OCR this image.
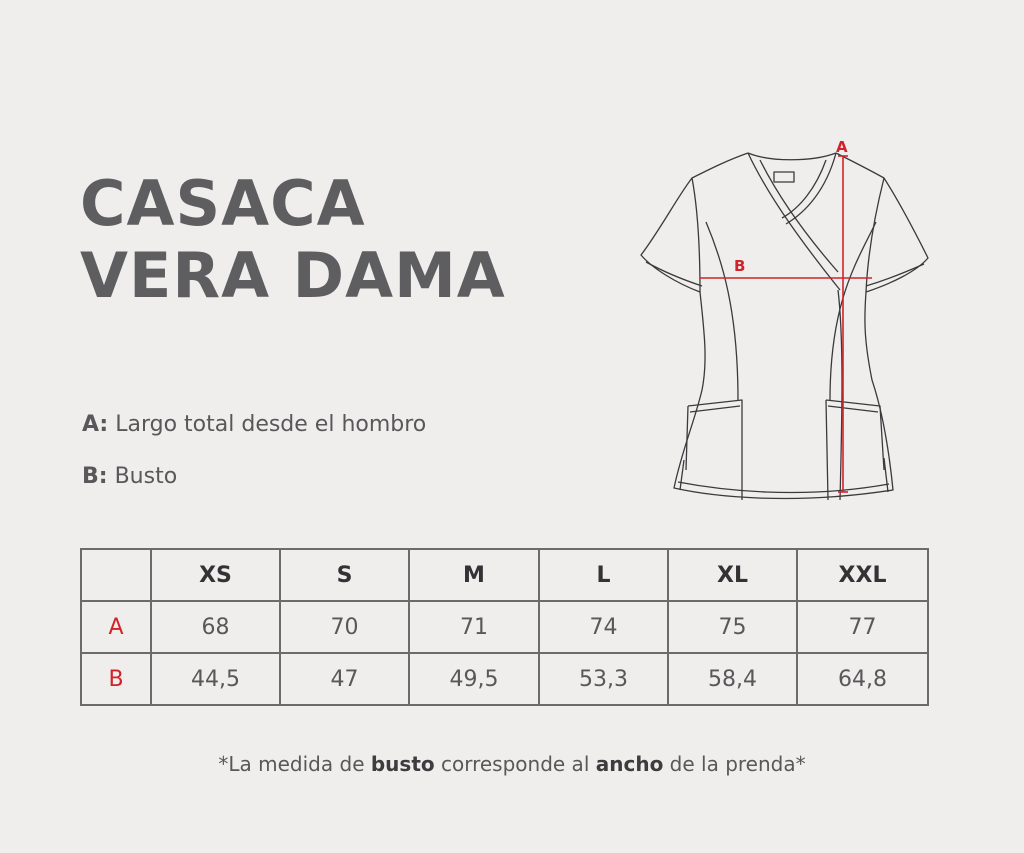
CASACA
VERA DAMA
A: Largo total desde el hombro
B: Busto
A
B
	XS	S	M	L	XL	XXL
A	68	70	71	74	75	77
B	44,5	47	49,5	53,3	58,4	64,8
*La medida de busto corresponde al ancho de la prenda*
